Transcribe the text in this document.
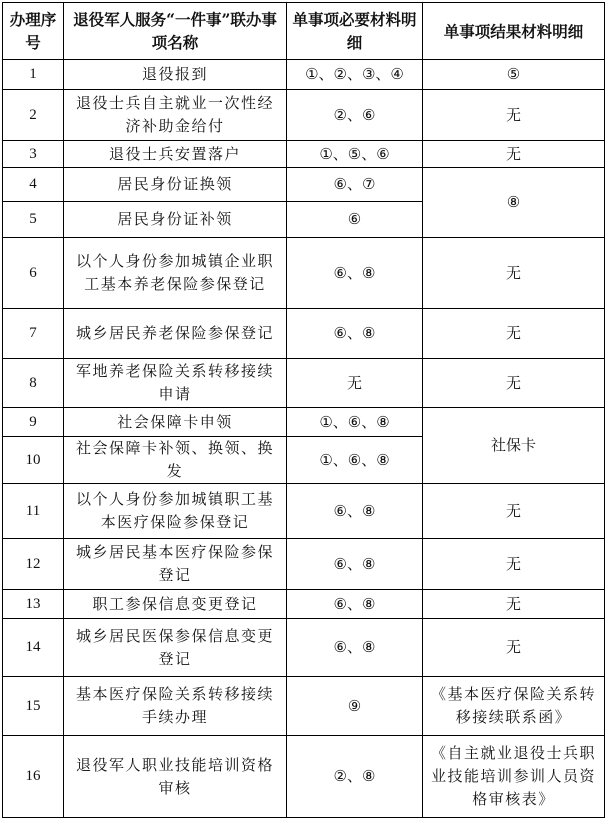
办理序号	退役军人服务“一件事”联办事项名称	单事项必要材料明细	单事项结果材料明细
1	退役报到	①、②、③、④	⑤
2	退役士兵自主就业一次性经济补助金给付	②、⑥	无
3	退役士兵安置落户	①、⑤、⑥	无
4	居民身份证换领	⑥、⑦	⑧
5	居民身份证补领	⑥	
6	以个人身份参加城镇企业职工基本养老保险参保登记	⑥、⑧	无
7	城乡居民养老保险参保登记	⑥、⑧	无
8	军地养老保险关系转移接续申请	无	无
9	社会保障卡申领	①、⑥、⑧	社保卡
10	社会保障卡补领、换领、换发	①、⑥、⑧	
11	以个人身份参加城镇职工基本医疗保险参保登记	⑥、⑧	无
12	城乡居民基本医疗保险参保登记	⑥、⑧	无
13	职工参保信息变更登记	⑥、⑧	无
14	城乡居民医保参保信息变更登记	⑥、⑧	无
15	基本医疗保险关系转移接续手续办理	⑨	《基本医疗保险关系转移接续联系函》
16	退役军人职业技能培训资格审核	②、⑧	《自主就业退役士兵职业技能培训参训人员资格审核表》
